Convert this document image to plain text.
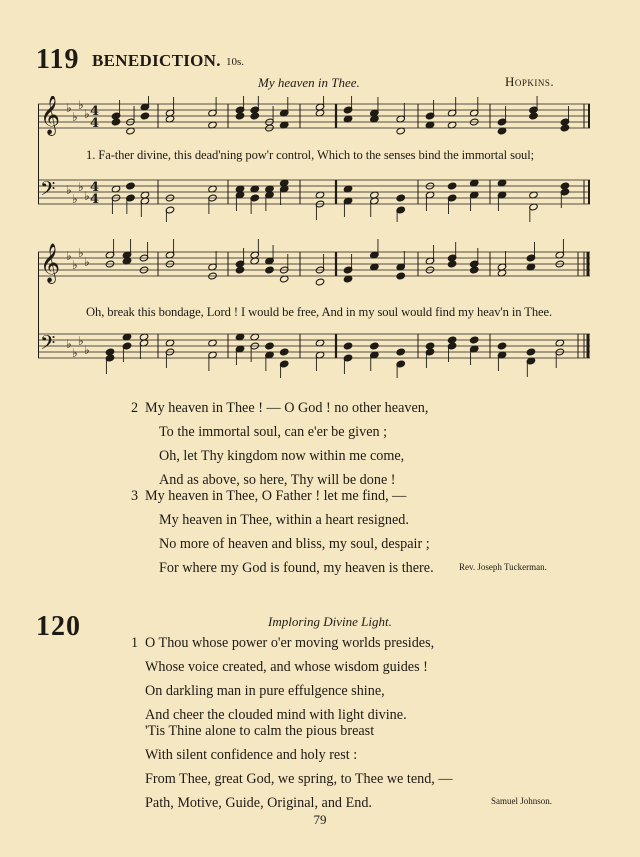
119 BENEDICTION. 10s.
My heaven in Thee.	Hopkins.
𝄞
𝄢
♭
♭
♭
♭
♭
♭
♭
♭
4
4
4
4
1. Fa-ther divine, this dead'ning pow'r control, Which to the senses bind the immortal soul;
𝄞
𝄢
♭
♭
♭
♭
♭
♭
♭
♭
Oh, break this bondage, Lord ! I would be free, And in my soul would find my heav'n in Thee.
2 My heaven in Thee ! — O God ! no other heaven,
To the immortal soul, can e'er be given ;
Oh, let Thy kingdom now within me come,
And as above, so here, Thy will be done !
3 My heaven in Thee, O Father ! let me find, —
My heaven in Thee, within a heart resigned.
No more of heaven and bliss, my soul, despair ;
For where my God is found, my heaven is there.	Rev. Joseph Tuckerman.
120	Imploring Divine Light.
1 O Thou whose power o'er moving worlds presides,
Whose voice created, and whose wisdom guides !
On darkling man in pure effulgence shine,
And cheer the clouded mind with light divine.
'Tis Thine alone to calm the pious breast
With silent confidence and holy rest :
From Thee, great God, we spring, to Thee we tend, —
Path, Motive, Guide, Original, and End.	Samuel Johnson.
79
